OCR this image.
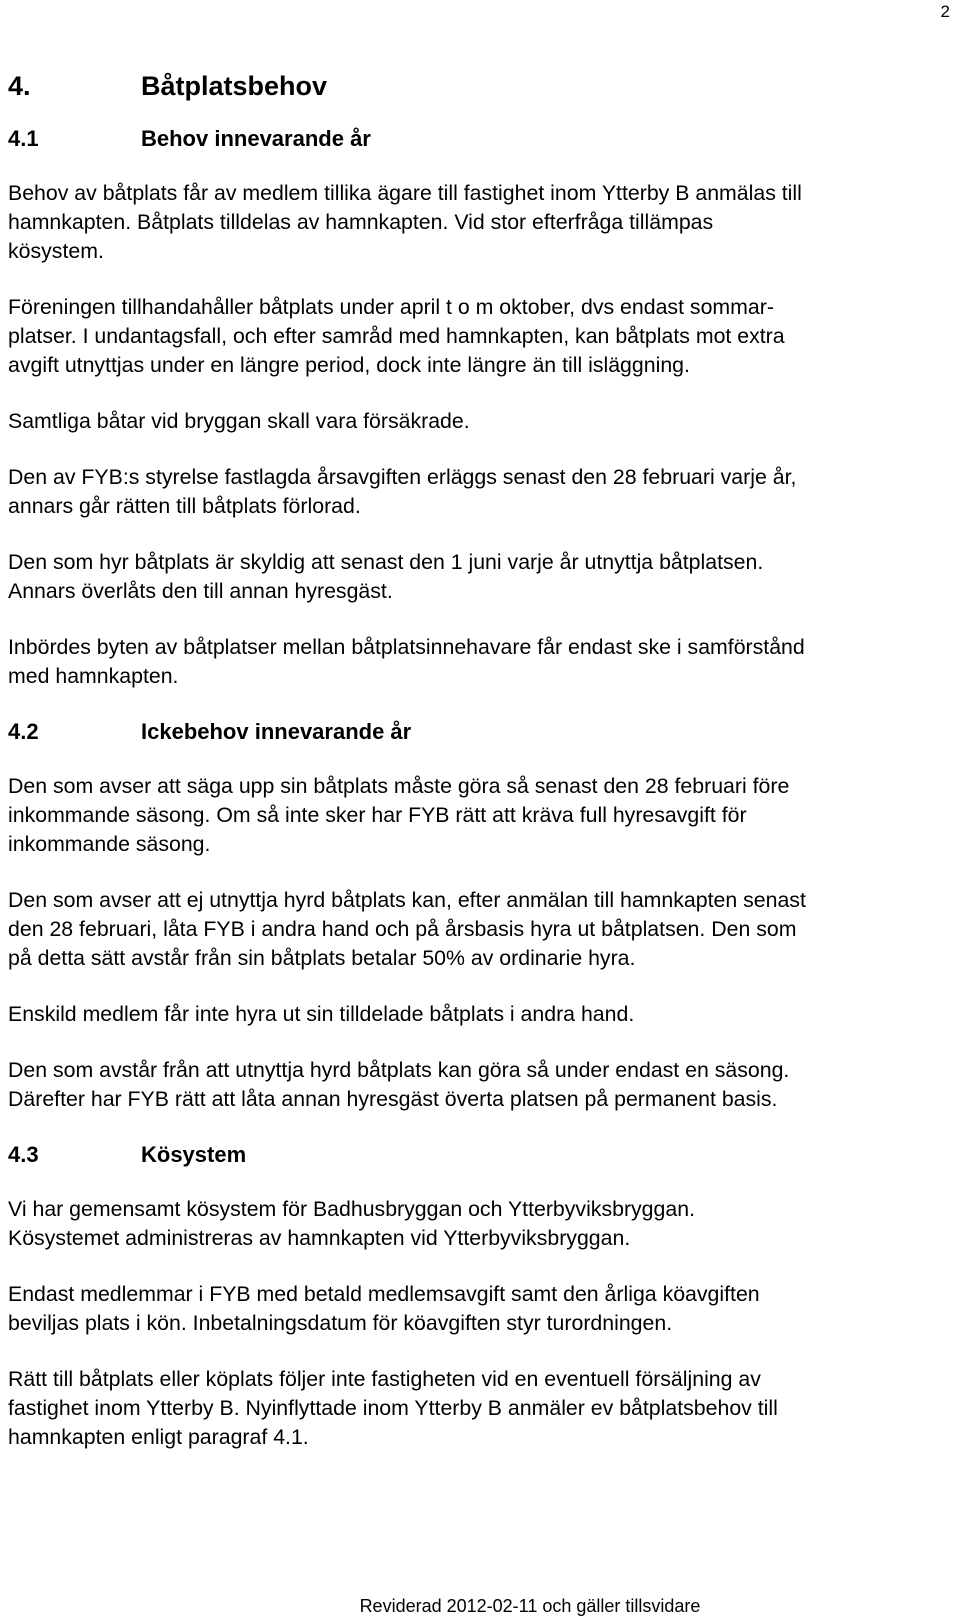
2
4.	Båtplatsbehov
4.1	Behov innevarande år
Behov av båtplats får av medlem tillika ägare till fastighet inom Ytterby B anmälas till
hamnkapten. Båtplats tilldelas av hamnkapten. Vid stor efterfråga tillämpas
kösystem.
Föreningen tillhandahåller båtplats under april t o m oktober, dvs endast sommar-
platser. I undantagsfall, och efter samråd med hamnkapten, kan båtplats mot extra
avgift utnyttjas under en längre period, dock inte längre än till isläggning.
Samtliga båtar vid bryggan skall vara försäkrade.
Den av FYB:s styrelse fastlagda årsavgiften erläggs senast den 28 februari varje år,
annars går rätten till båtplats förlorad.
Den som hyr båtplats är skyldig att senast den 1 juni varje år utnyttja båtplatsen.
Annars överlåts den till annan hyresgäst.
Inbördes byten av båtplatser mellan båtplatsinnehavare får endast ske i samförstånd
med hamnkapten.
4.2	Ickebehov innevarande år
Den som avser att säga upp sin båtplats måste göra så senast den 28 februari före
inkommande säsong. Om så inte sker har FYB rätt att kräva full hyresavgift för
inkommande säsong.
Den som avser att ej utnyttja hyrd båtplats kan, efter anmälan till hamnkapten senast
den 28 februari, låta FYB i andra hand och på årsbasis hyra ut båtplatsen. Den som
på detta sätt avstår från sin båtplats betalar 50% av ordinarie hyra.
Enskild medlem får inte hyra ut sin tilldelade båtplats i andra hand.
Den som avstår från att utnyttja hyrd båtplats kan göra så under endast en säsong.
Därefter har FYB rätt att låta annan hyresgäst överta platsen på permanent basis.
4.3	Kösystem
Vi har gemensamt kösystem för Badhusbryggan och Ytterbyviksbryggan.
Kösystemet administreras av hamnkapten vid Ytterbyviksbryggan.
Endast medlemmar i FYB med betald medlemsavgift samt den årliga köavgiften
beviljas plats i kön. Inbetalningsdatum för köavgiften styr turordningen.
Rätt till båtplats eller köplats följer inte fastigheten vid en eventuell försäljning av
fastighet inom Ytterby B. Nyinflyttade inom Ytterby B anmäler ev båtplatsbehov till
hamnkapten enligt paragraf 4.1.
Reviderad 2012-02-11 och gäller tillsvidare
